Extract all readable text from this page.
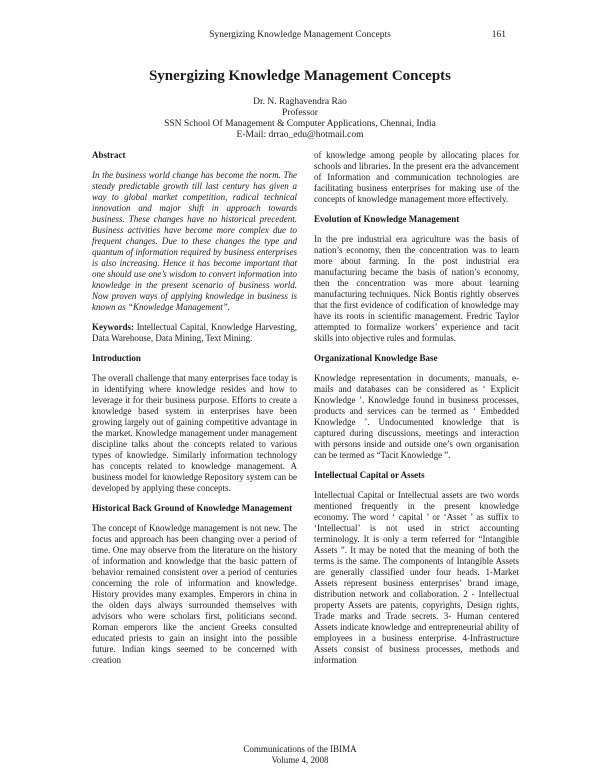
Synergizing Knowledge Management Concepts	161
Synergizing Knowledge Management Concepts
Dr. N. Raghavendra Rao
Professor
SSN School Of Management & Computer Applications, Chennai, India
E-Mail: drrao_edu@hotmail.com
Abstract

In the business world change has become the norm. The steady predictable growth till last century has given a way to global market competition, radical technical innovation and major shift in approach towards business. These changes have no historical precedent. Business activities have become more complex due to frequent changes. Due to these changes the type and quantum of information required by business enterprises is also increasing. Hence it has become important that one should use one’s wisdom to convert information into knowledge in the present scenario of business world. Now proven ways of applying knowledge in business is known as “Knowledge Management”.

Keywords: Intellectual Capital, Knowledge Harvesting, Data Warehouse, Data Mining, Text Mining.

Introduction

The overall challenge that many enterprises face today is in identifying where knowledge resides and how to leverage it for their business purpose. Efforts to create a knowledge based system in enterprises have been growing largely out of gaining competitive advantage in the market. Knowledge management under management discipline talks about the concepts related to various types of knowledge. Similarly information technology has concepts related to knowledge management. A business model for knowledge Repository system can be developed by applying these concepts.

Historical Back Ground of Knowledge Management

The concept of Knowledge management is not new. The focus and approach has been changing over a period of time. One may observe from the literature on the history of information and knowledge that the basic pattern of behavior remained consistent over a period of centuries concerning the role of information and knowledge. History provides many examples. Emperors in china in the olden days always surrounded themselves with advisors who were scholars first, politicians second. Roman emperors like the ancient Greeks consulted educated priests to gain an insight into the possible future. Indian kings seemed to be concerned with creation

of knowledge among people by allocating places for schools and libraries. In the present era the advancement of Information and communication technologies are facilitating business enterprises for making use of the concepts of knowledge management more effectively.

Evolution of Knowledge Management

In the pre industrial era agriculture was the basis of nation’s economy, then the concentration was to learn more about farming. In the post industrial era manufacturing became the basis of nation’s economy, then the concentration was more about learning manufacturing techniques. Nick Bontis rightly observes that the first evidence of codification of knowledge may have its roots in scientific management. Fredric Taylor attempted to formalize workers’ experience and tacit skills into objective rules and formulas.

Organizational Knowledge Base

Knowledge representation in documents, manuals, e-mails and databases can be considered as ‘ Explicit Knowledge ’. Knowledge found in business processes, products and services can be termed as ‘ Embedded Knowledge ’. Undocumented knowledge that is captured during discussions, meetings and interaction with persons inside and outside one’s own organisation can be termed as “Tacit Knowledge ”.

Intellectual Capital or Assets

Intellectual Capital or Intellectual assets are two words mentioned frequently in the present knowledge economy. The word ‘ capital ’ or ‘Asset ’ as suffix to ‘Intellectual’ is not used in strict accounting terminology. It is only a term referred for “Intangible Assets ”. It may be noted that the meaning of both the terms is the same. The components of Intangible Assets are generally classified under four heads. 1-Market Assets represent business enterprises’ brand image, distribution network and collaboration. 2 - Intellectual property Assets are patents, copyrights, Design rights, Trade marks and Trade secrets. 3- Human centered Assets indicate knowledge and entrepreneurial ability of employees in a business enterprise. 4-Infrastructure Assets consist of business processes, methods and information

Communications of the IBIMA
Volume 4, 2008
